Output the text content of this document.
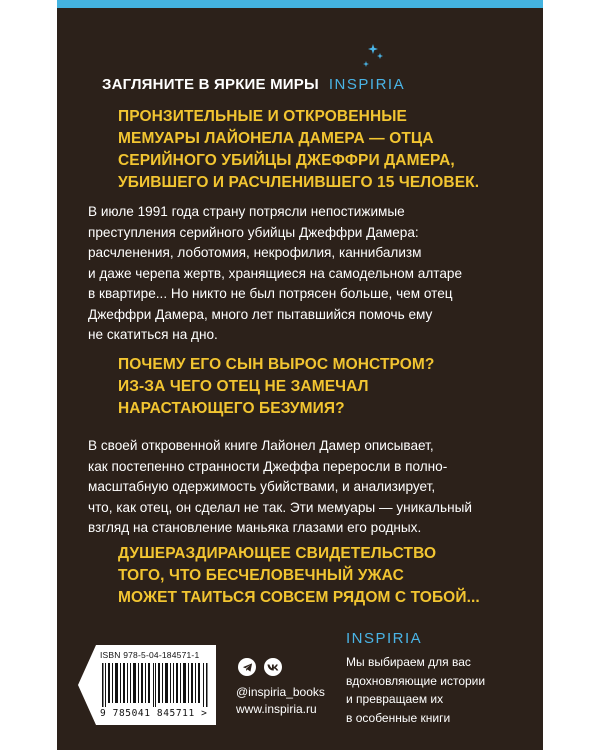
ЗАГЛЯНИТЕ В ЯРКИЕ МИРЫ INSPIRIA
ПРОНЗИТЕЛЬНЫЕ И ОТКРОВЕННЫЕ
МЕМУАРЫ ЛАЙОНЕЛА ДАМЕРА — ОТЦА
СЕРИЙНОГО УБИЙЦЫ ДЖЕФФРИ ДАМЕРА,
УБИВШЕГО И РАСЧЛЕНИВШЕГО 15 ЧЕЛОВЕК.
В июле 1991 года страну потрясли непостижимые
преступления серийного убийцы Джеффри Дамера:
расчленения, лоботомия, некрофилия, каннибализм
и даже черепа жертв, хранящиеся на самодельном алтаре
в квартире... Но никто не был потрясен больше, чем отец
Джеффри Дамера, много лет пытавшийся помочь ему
не скатиться на дно.
ПОЧЕМУ ЕГО СЫН ВЫРОС МОНСТРОМ?
ИЗ-ЗА ЧЕГО ОТЕЦ НЕ ЗАМЕЧАЛ
НАРАСТАЮЩЕГО БЕЗУМИЯ?
В своей откровенной книге Лайонел Дамер описывает,
как постепенно странности Джеффа переросли в полно-
масштабную одержимость убийствами, и анализирует,
что, как отец, он сделал не так. Эти мемуары — уникальный
взгляд на становление маньяка глазами его родных.
ДУШЕРАЗДИРАЮЩЕЕ СВИДЕТЕЛЬСТВО
ТОГО, ЧТО БЕСЧЕЛОВЕЧНЫЙ УЖАС
МОЖЕТ ТАИТЬСЯ СОВСЕМ РЯДОМ С ТОБОЙ...
ISBN 978-5-04-184571-1
9 785041 845711 >
@inspiria_books
www.inspiria.ru
INSPIRIA
Мы выбираем для вас
вдохновляющие истории
и превращаем их
в особенные книги
